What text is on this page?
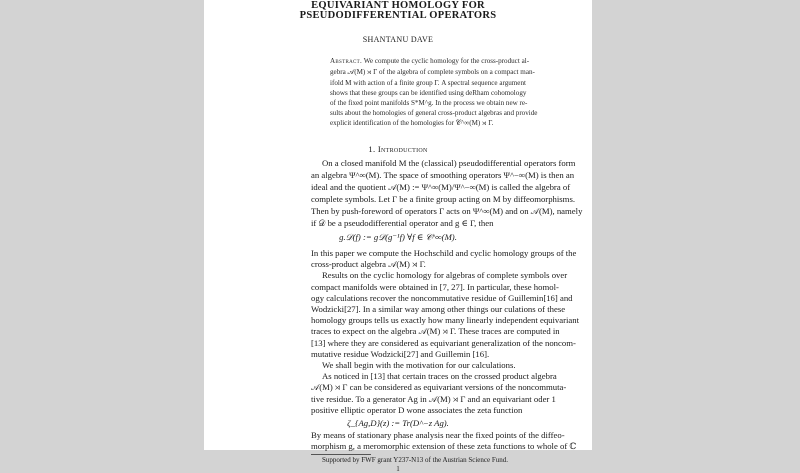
EQUIVARIANT HOMOLOGY FOR
PSEUDODIFFERENTIAL OPERATORS
SHANTANU DAVE
Abstract. We compute the cyclic homology for the cross-product al-
gebra 𝒜(M) ⋊ Γ of the algebra of complete symbols on a compact man-
ifold M with action of a finite group Γ. A spectral sequence argument
shows that these groups can be identified using deRham cohomology
of the fixed point manifolds S*M^g. In the process we obtain new re-
sults about the homologies of general cross-product algebras and provide
explicit identification of the homologies for 𝒞^∞(M) ⋊ Γ.
1. Introduction
On a closed manifold M the (classical) pseudodifferential operators form
an algebra Ψ^∞(M). The space of smoothing operators Ψ^−∞(M) is then an
ideal and the quotient 𝒜(M) := Ψ^∞(M)/Ψ^−∞(M) is called the algebra of
complete symbols. Let Γ be a finite group acting on M by diffeomorphisms.
Then by push-foreword of operators Γ acts on Ψ^∞(M) and on 𝒜(M), namely
if 𝒟 be a pseudodifferential operator and g ∈ Γ, then
g.𝒟(f) := g𝒟(g⁻¹f) ∀f ∈ 𝒞^∞(M).
In this paper we compute the Hochschild and cyclic homology groups of the
cross-product algebra 𝒜(M) ⋊ Γ.
Results on the cyclic homology for algebras of complete symbols over
compact manifolds were obtained in [7, 27]. In particular, these homol-
ogy calculations recover the noncommutative residue of Guillemin[16] and
Wodzicki[27]. In a similar way among other things our culations of these
homology groups tells us exactly how many linearly independent equivariant
traces to expect on the algebra 𝒜(M) ⋊ Γ. These traces are computed in
[13] where they are considered as equivariant generalization of the noncom-
mutative residue Wodzicki[27] and Guillemin [16].
We shall begin with the motivation for our calculations.
As noticed in [13] that certain traces on the crossed product algebra
𝒜(M) ⋊ Γ can be considered as equivariant versions of the noncommuta-
tive residue. To a generator Ag in 𝒜(M) ⋊ Γ and an equivariant oder 1
positive elliptic operator D wone associates the zeta function
ζ_{Ag,D}(z) := Tr(D^−z Ag).
By means of stationary phase analysis near the fixed points of the diffeo-
morphism g, a meromorphic extension of these zeta functions to whole of ℂ
Supported by FWF grant Y237-N13 of the Austrian Science Fund.
1
